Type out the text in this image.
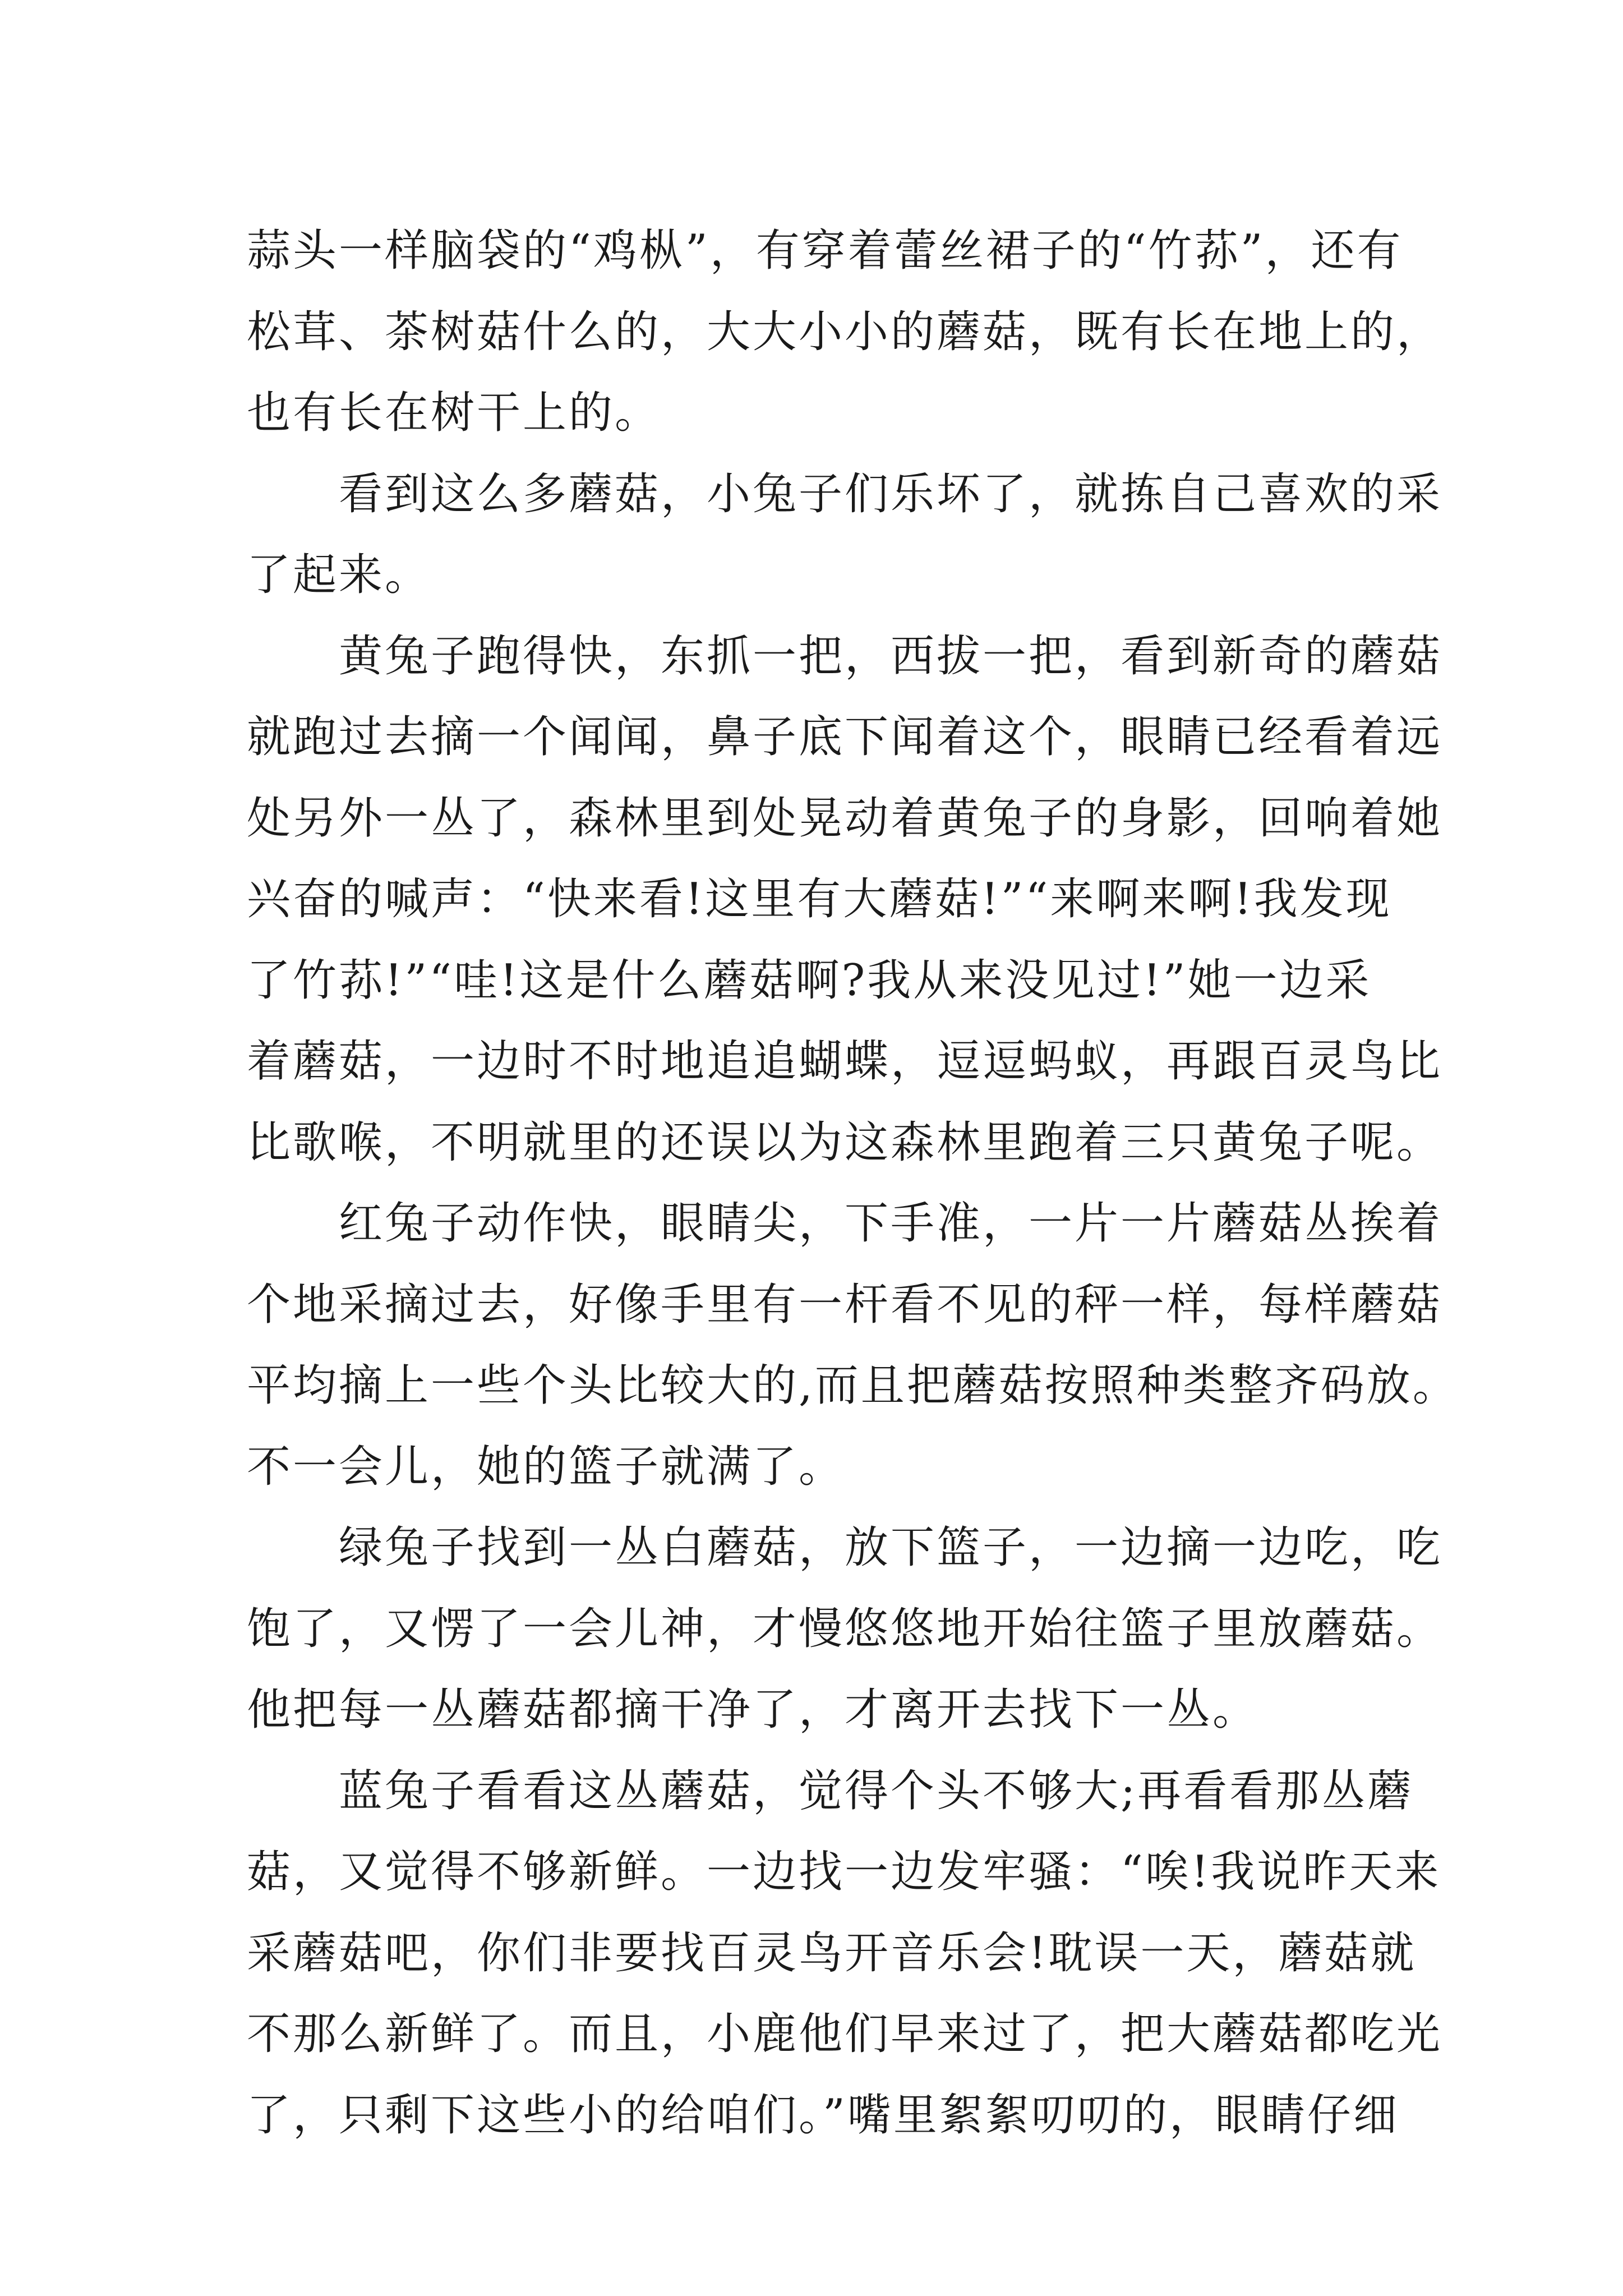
蒜头一样脑袋的“鸡枞”，有穿着蕾丝裙子的“竹荪”，还有
松茸、茶树菇什么的，大大小小的蘑菇，既有长在地上的，
也有长在树干上的。
看到这么多蘑菇，小兔子们乐坏了，就拣自己喜欢的采
了起来。
黄兔子跑得快，东抓一把，西拔一把，看到新奇的蘑菇
就跑过去摘一个闻闻，鼻子底下闻着这个，眼睛已经看着远
处另外一丛了，森林里到处晃动着黄兔子的身影，回响着她
兴奋的喊声：“快来看!这里有大蘑菇!”“来啊来啊!我发现
了竹荪!”“哇!这是什么蘑菇啊?我从来没见过!”她一边采
着蘑菇，一边时不时地追追蝴蝶，逗逗蚂蚁，再跟百灵鸟比
比歌喉，不明就里的还误以为这森林里跑着三只黄兔子呢。
红兔子动作快，眼睛尖，下手准，一片一片蘑菇丛挨着
个地采摘过去，好像手里有一杆看不见的秤一样，每样蘑菇
平均摘上一些个头比较大的,而且把蘑菇按照种类整齐码放。
不一会儿，她的篮子就满了。
绿兔子找到一丛白蘑菇，放下篮子，一边摘一边吃，吃
饱了，又愣了一会儿神，才慢悠悠地开始往篮子里放蘑菇。
他把每一丛蘑菇都摘干净了，才离开去找下一丛。
蓝兔子看看这丛蘑菇，觉得个头不够大;再看看那丛蘑
菇，又觉得不够新鲜。一边找一边发牢骚：“唉!我说昨天来
采蘑菇吧，你们非要找百灵鸟开音乐会!耽误一天，蘑菇就
不那么新鲜了。而且，小鹿他们早来过了，把大蘑菇都吃光
了，只剩下这些小的给咱们。”嘴里絮絮叨叨的，眼睛仔细
